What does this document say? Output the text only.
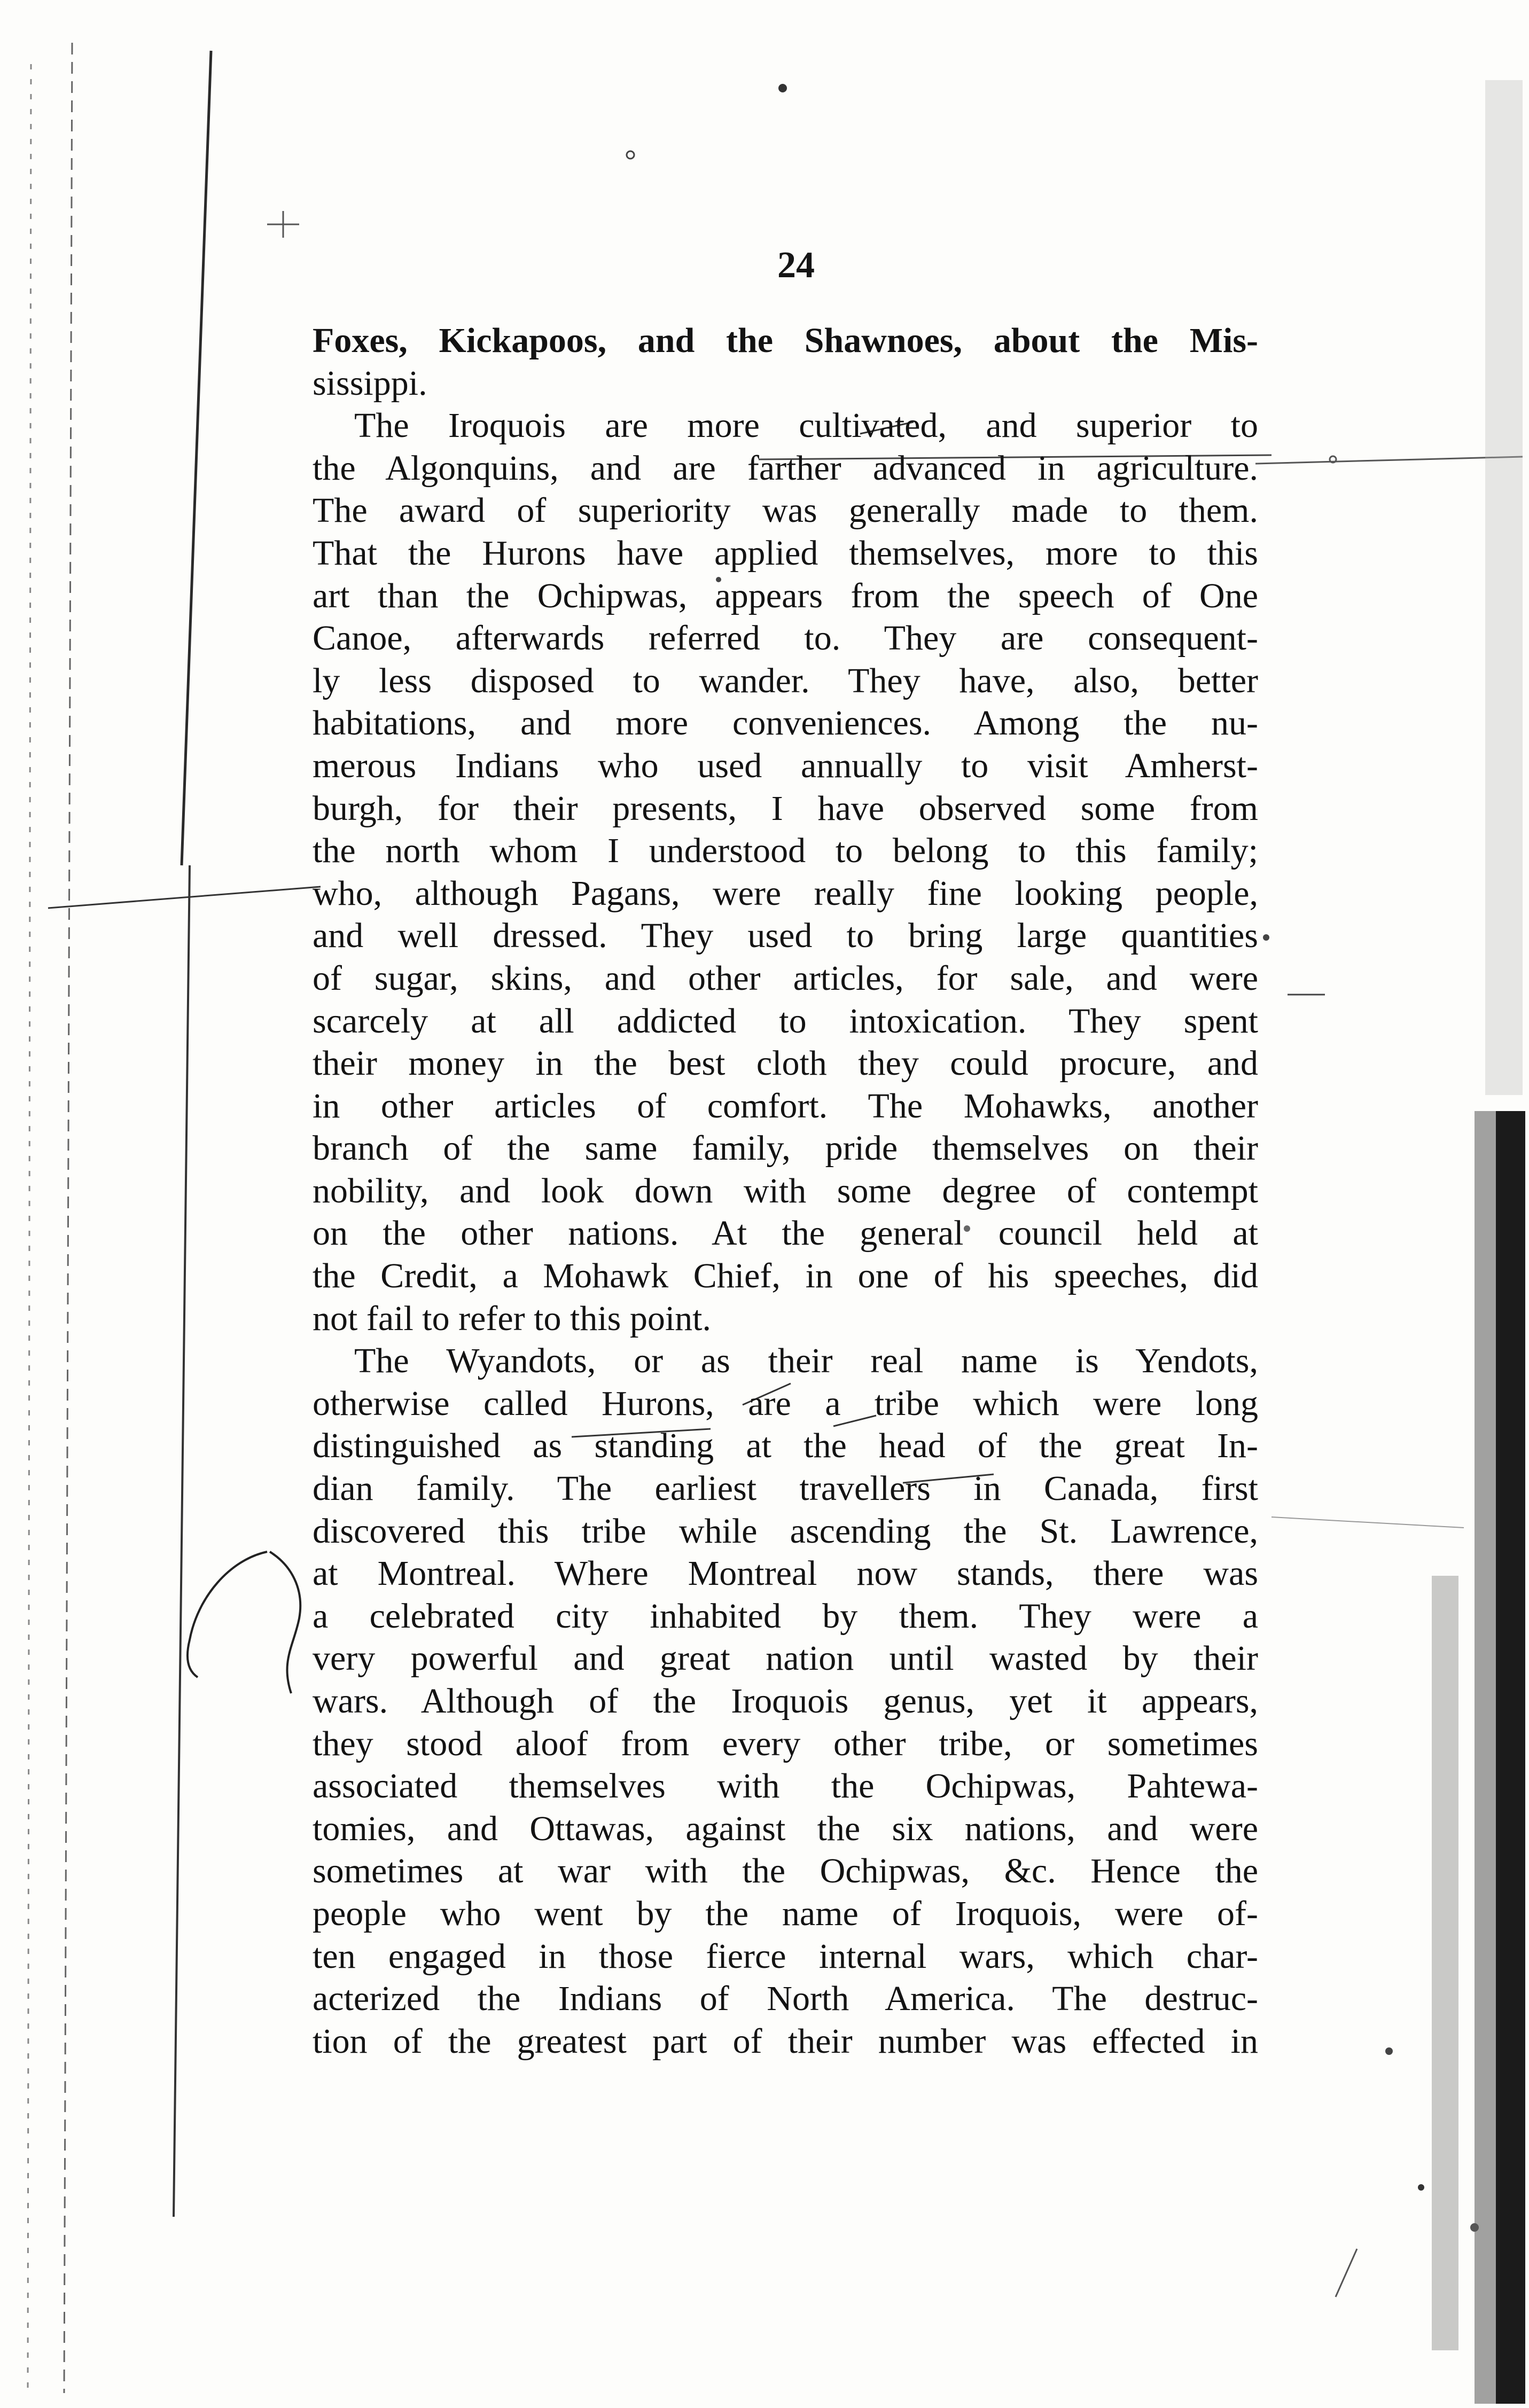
24
Foxes, Kickapoos, and the Shawnoes, about the Mis-
sissippi.
The Iroquois are more cultivated, and superior to
the Algonquins, and are farther advanced in agriculture.
The award of superiority was generally made to them.
That the Hurons have applied themselves, more to this
art than the Ochipwas, appears from the speech of One
Canoe, afterwards referred to. They are consequent-
ly less disposed to wander. They have, also, better
habitations, and more conveniences. Among the nu-
merous Indians who used annually to visit Amherst-
burgh, for their presents, I have observed some from
the north whom I understood to belong to this family;
who, although Pagans, were really fine looking people,
and well dressed. They used to bring large quantities
of sugar, skins, and other articles, for sale, and were
scarcely at all addicted to intoxication. They spent
their money in the best cloth they could procure, and
in other articles of comfort. The Mohawks, another
branch of the same family, pride themselves on their
nobility, and look down with some degree of contempt
on the other nations. At the general council held at
the Credit, a Mohawk Chief, in one of his speeches, did
not fail to refer to this point.
The Wyandots, or as their real name is Yendots,
otherwise called Hurons, are a tribe which were long
distinguished as standing at the head of the great In-
dian family. The earliest travellers in Canada, first
discovered this tribe while ascending the St. Lawrence,
at Montreal. Where Montreal now stands, there was
a celebrated city inhabited by them. They were a
very powerful and great nation until wasted by their
wars. Although of the Iroquois genus, yet it appears,
they stood aloof from every other tribe, or sometimes
associated themselves with the Ochipwas, Pahtewa-
tomies, and Ottawas, against the six nations, and were
sometimes at war with the Ochipwas, &c. Hence the
people who went by the name of Iroquois, were of-
ten engaged in those fierce internal wars, which char-
acterized the Indians of North America. The destruc-
tion of the greatest part of their number was effected in
